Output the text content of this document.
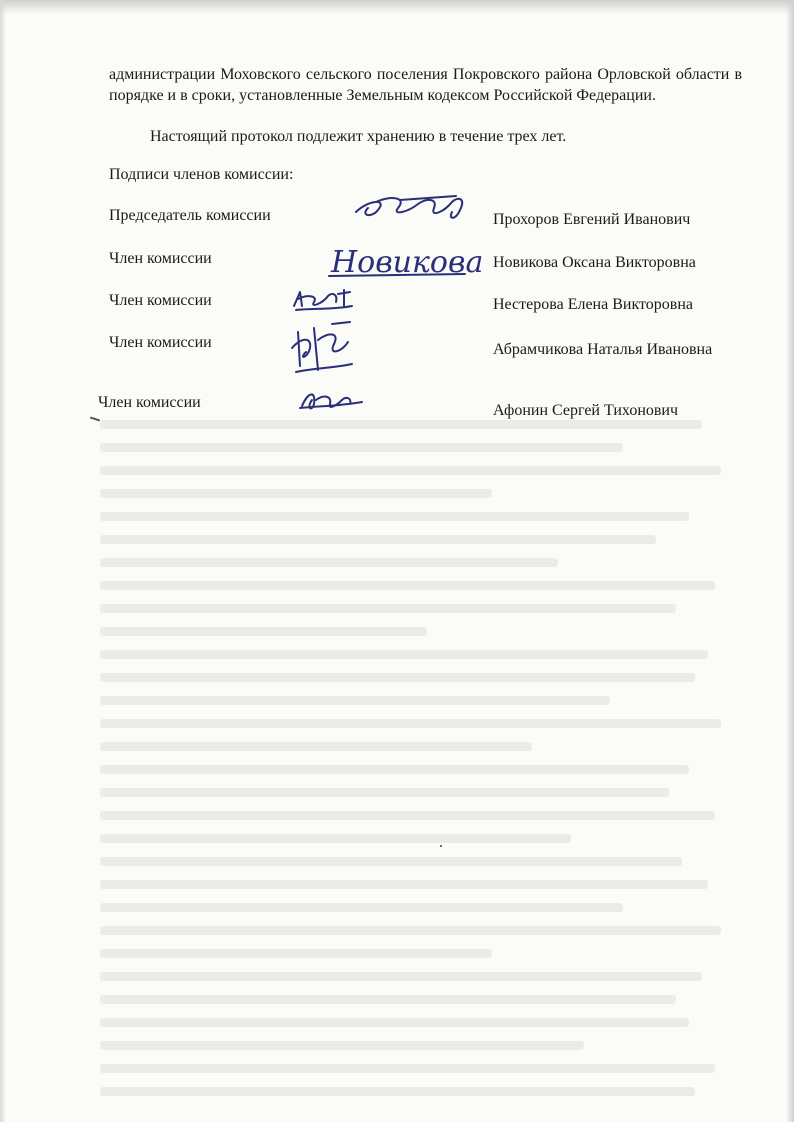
администрации Моховского сельского поселения Покровского района Орловской области в порядке и в сроки, установленные Земельным кодексом Российской Федерации.
Настоящий протокол подлежит хранению в течение трех лет.
Подписи членов комиссии:
Председатель комиссии	Прохоров Евгений Иванович
Член комиссии	Новикова Новикова Оксана Викторовна
Член комиссии	Нестерова Елена Викторовна
Член комиссии	Абрамчикова Наталья Ивановна
Член комиссии	Афонин Сергей Тихонович
